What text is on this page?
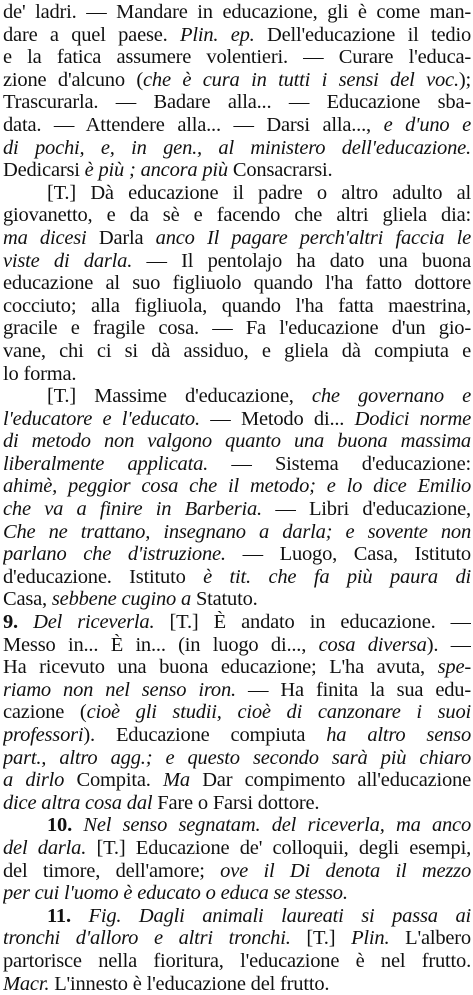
de' ladri. — Mandare in educazione, gli è come man-
dare a quel paese. Plin. ep. Dell'educazione il tedio
e la fatica assumere volentieri. — Curare l'educa-
zione d'alcuno (che è cura in tutti i sensi del voc.);
Trascurarla. — Badare alla... — Educazione sba-
data. — Attendere alla... — Darsi alla..., e d'uno e
di pochi, e, in gen., al ministero dell'educazione.
Dedicarsi è più ; ancora più Consacrarsi.
[T.] Dà educazione il padre o altro adulto al
giovanetto, e da sè e facendo che altri gliela dia:
ma dicesi Darla anco Il pagare perch'altri faccia le
viste di darla. — Il pentolajo ha dato una buona
educazione al suo figliuolo quando l'ha fatto dottore
cocciuto; alla figliuola, quando l'ha fatta maestrina,
gracile e fragile cosa. — Fa l'educazione d'un gio-
vane, chi ci si dà assiduo, e gliela dà compiuta e
lo forma.
[T.] Massime d'educazione, che governano e
l'educatore e l'educato. — Metodo di... Dodici norme
di metodo non valgono quanto una buona massima
liberalmente applicata. — Sistema d'educazione:
ahimè, peggior cosa che il metodo; e lo dice Emilio
che va a finire in Barberia. — Libri d'educazione,
Che ne trattano, insegnano a darla; e sovente non
parlano che d'istruzione. — Luogo, Casa, Istituto
d'educazione. Istituto è tit. che fa più paura di
Casa, sebbene cugino a Statuto.
9. Del riceverla. [T.] È andato in educazione. —
Messo in... È in... (in luogo di..., cosa diversa). —
Ha ricevuto una buona educazione; L'ha avuta, spe-
riamo non nel senso iron. — Ha finita la sua edu-
cazione (cioè gli studii, cioè di canzonare i suoi
professori). Educazione compiuta ha altro senso
part., altro agg.; e questo secondo sarà più chiaro
a dirlo Compita. Ma Dar compimento all'educazione
dice altra cosa dal Fare o Farsi dottore.
10. Nel senso segnatam. del riceverla, ma anco
del darla. [T.] Educazione de' colloquii, degli esempi,
del timore, dell'amore; ove il Di denota il mezzo
per cui l'uomo è educato o educa se stesso.
11. Fig. Dagli animali laureati si passa ai
tronchi d'alloro e altri tronchi. [T.] Plin. L'albero
partorisce nella fioritura, l'educazione è nel frutto.
Macr. L'innesto è l'educazione del frutto.
